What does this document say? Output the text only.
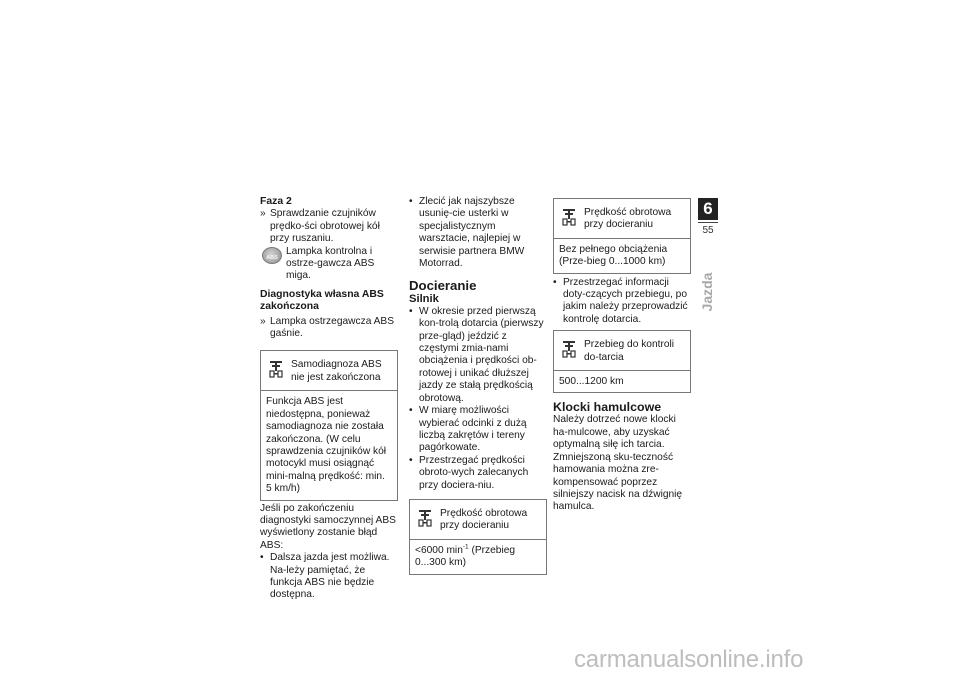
Faza 2
» Sprawdzanie czujników prędko-ści obrotowej kół przy ruszaniu.
ABS
Lampka kontrolna i ostrze-gawcza ABS miga.
Diagnostyka własna ABS zakończona
» Lampka ostrzegawcza ABS gaśnie.
Samodiagnoza ABS nie jest zakończona
Funkcja ABS jest niedostępna, ponieważ samodiagnoza nie została zakończona. (W celu sprawdzenia czujników kół motocykl musi osiągnąć mini-malną prędkość: min. 5 km/h)
Jeśli po zakończeniu diagnostyki samoczynnej ABS wyświetlony zostanie błąd ABS:
• Dalsza jazda jest możliwa. Na-leży pamiętać, że funkcja ABS nie będzie dostępna.
• Zlecić jak najszybsze usunię-cie usterki w specjalistycznym warsztacie, najlepiej w serwisie partnera BMW Motorrad.
Docieranie
Silnik
• W okresie przed pierwszą kon-trolą dotarcia (pierwszy prze-gląd) jeździć z częstymi zmia-nami obciążenia i prędkości ob-rotowej i unikać dłuższej jazdy ze stałą prędkością obrotową.
• W miarę możliwości wybierać odcinki z dużą liczbą zakrętów i tereny pagórkowate.
• Przestrzegać prędkości obroto-wych zalecanych przy dociera-niu.
Prędkość obrotowa przy docieraniu
<6000 $\min^{-1}$ (Przebieg 0...300 km)
Prędkość obrotowa przy docieraniu
Bez pełnego obciążenia (Prze-bieg 0...1000 km)
• Przestrzegać informacji doty-czących przebiegu, po jakim należy przeprowadzić kontrolę dotarcia.
Przebieg do kontroli do-tarcia
500...1200 km
Klocki hamulcowe
Należy dotrzeć nowe klocki ha-mulcowe, aby uzyskać optymalną siłę ich tarcia. Zmniejszoną sku-teczność hamowania można zre-kompensować poprzez silniejszy nacisk na dźwignię hamulca.
6
55
Jazda
carmanualsonline.info
